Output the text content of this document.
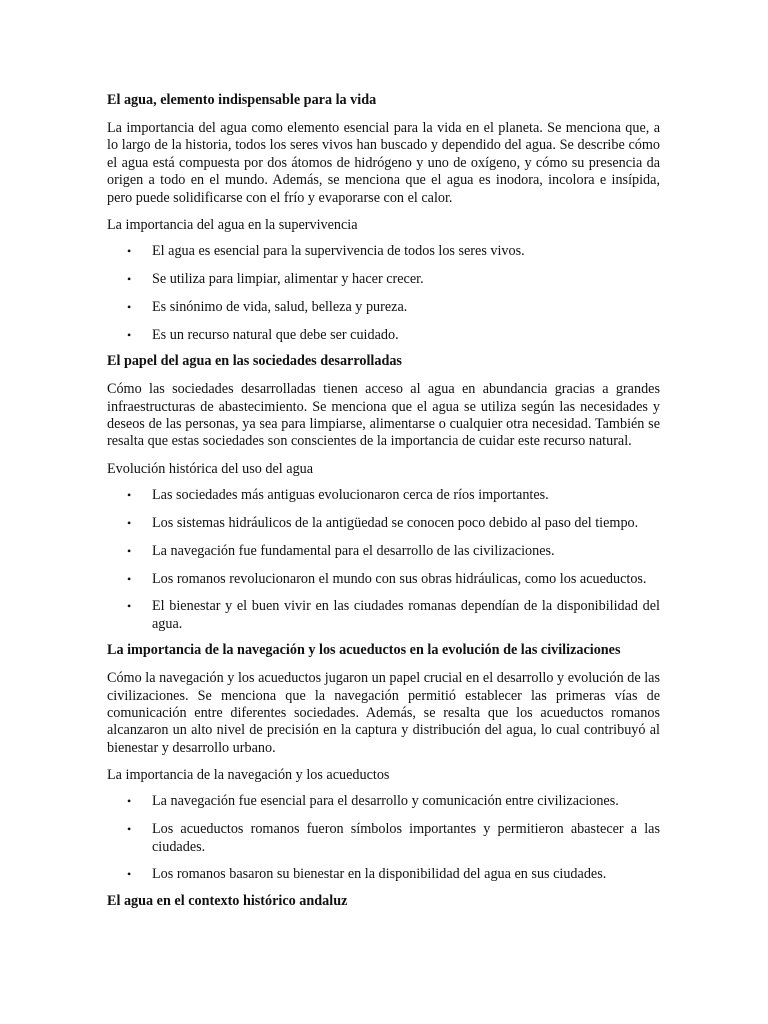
El agua, elemento indispensable para la vida

La importancia del agua como elemento esencial para la vida en el planeta. Se menciona que, a lo largo de la historia, todos los seres vivos han buscado y dependido del agua. Se describe cómo el agua está compuesta por dos átomos de hidrógeno y uno de oxígeno, y cómo su presencia da origen a todo en el mundo. Además, se menciona que el agua es inodora, incolora e insípida, pero puede solidificarse con el frío y evaporarse con el calor.

La importancia del agua en la supervivencia

• El agua es esencial para la supervivencia de todos los seres vivos.
• Se utiliza para limpiar, alimentar y hacer crecer.
• Es sinónimo de vida, salud, belleza y pureza.
• Es un recurso natural que debe ser cuidado.

El papel del agua en las sociedades desarrolladas

Cómo las sociedades desarrolladas tienen acceso al agua en abundancia gracias a grandes infraestructuras de abastecimiento. Se menciona que el agua se utiliza según las necesidades y deseos de las personas, ya sea para limpiarse, alimentarse o cualquier otra necesidad. También se resalta que estas sociedades son conscientes de la importancia de cuidar este recurso natural.

Evolución histórica del uso del agua

• Las sociedades más antiguas evolucionaron cerca de ríos importantes.
• Los sistemas hidráulicos de la antigüedad se conocen poco debido al paso del tiempo.
• La navegación fue fundamental para el desarrollo de las civilizaciones.
• Los romanos revolucionaron el mundo con sus obras hidráulicas, como los acueductos.
• El bienestar y el buen vivir en las ciudades romanas dependían de la disponibilidad del agua.

La importancia de la navegación y los acueductos en la evolución de las civilizaciones

Cómo la navegación y los acueductos jugaron un papel crucial en el desarrollo y evolución de las civilizaciones. Se menciona que la navegación permitió establecer las primeras vías de comunicación entre diferentes sociedades. Además, se resalta que los acueductos romanos alcanzaron un alto nivel de precisión en la captura y distribución del agua, lo cual contribuyó al bienestar y desarrollo urbano.

La importancia de la navegación y los acueductos

• La navegación fue esencial para el desarrollo y comunicación entre civilizaciones.
• Los acueductos romanos fueron símbolos importantes y permitieron abastecer a las ciudades.
• Los romanos basaron su bienestar en la disponibilidad del agua en sus ciudades.

El agua en el contexto histórico andaluz
